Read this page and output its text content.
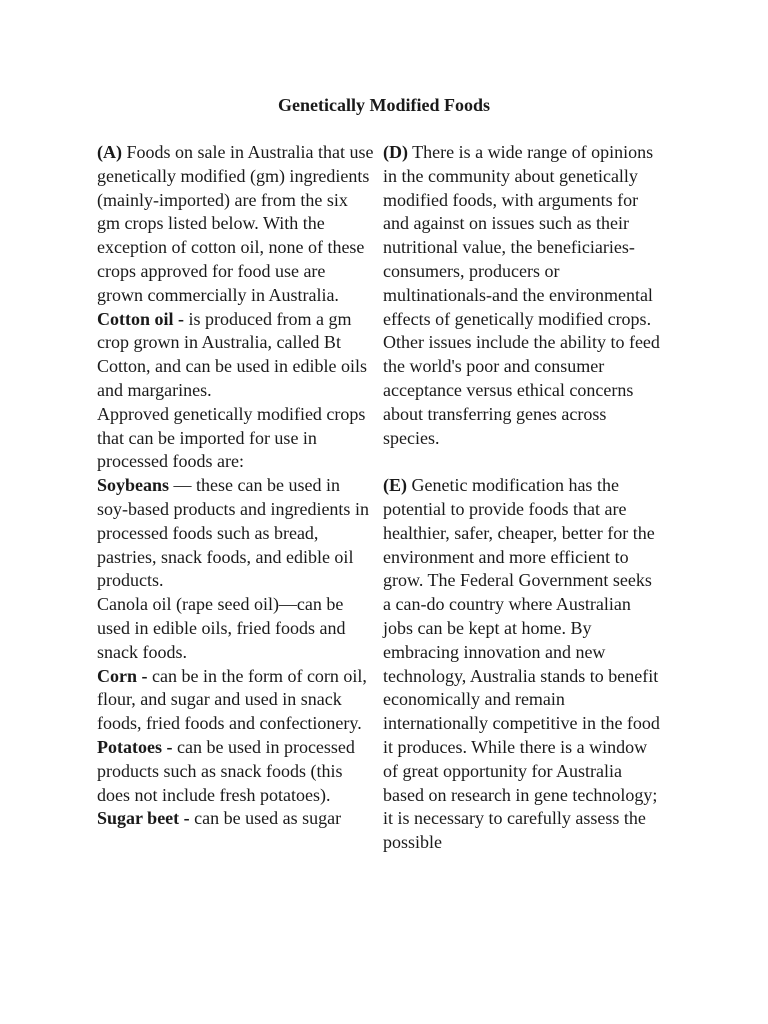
Genetically Modified Foods

(A) Foods on sale in Australia that use genetically modified (gm) ingredients (mainly-imported) are from the six gm crops listed below. With the exception of cotton oil, none of these crops approved for food use are grown commercially in Australia.

Cotton oil - is produced from a gm crop grown in Australia, called Bt Cotton, and can be used in edible oils and margarines.

Approved genetically modified crops that can be imported for use in processed foods are:

Soybeans — these can be used in soy-based products and ingredients in processed foods such as bread, pastries, snack foods, and edible oil products.

Canola oil (rape seed oil)—can be used in edible oils, fried foods and snack foods.

Corn - can be in the form of corn oil, flour, and sugar and used in snack foods, fried foods and confectionery.

Potatoes - can be used in processed products such as snack foods (this does not include fresh potatoes).

Sugar beet - can be used as sugar

(D) There is a wide range of opinions in the community about genetically modified foods, with arguments for and against on issues such as their nutritional value, the beneficiaries-consumers, producers or multinationals-and the environmental effects of genetically modified crops. Other issues include the ability to feed the world's poor and consumer acceptance versus ethical concerns about transferring genes across species.

(E) Genetic modification has the potential to provide foods that are healthier, safer, cheaper, better for the environment and more efficient to grow. The Federal Government seeks a can-do country where Australian jobs can be kept at home. By embracing innovation and new technology, Australia stands to benefit economically and remain internationally competitive in the food it produces. While there is a window of great opportunity for Australia based on research in gene technology; it is necessary to carefully assess the possible
